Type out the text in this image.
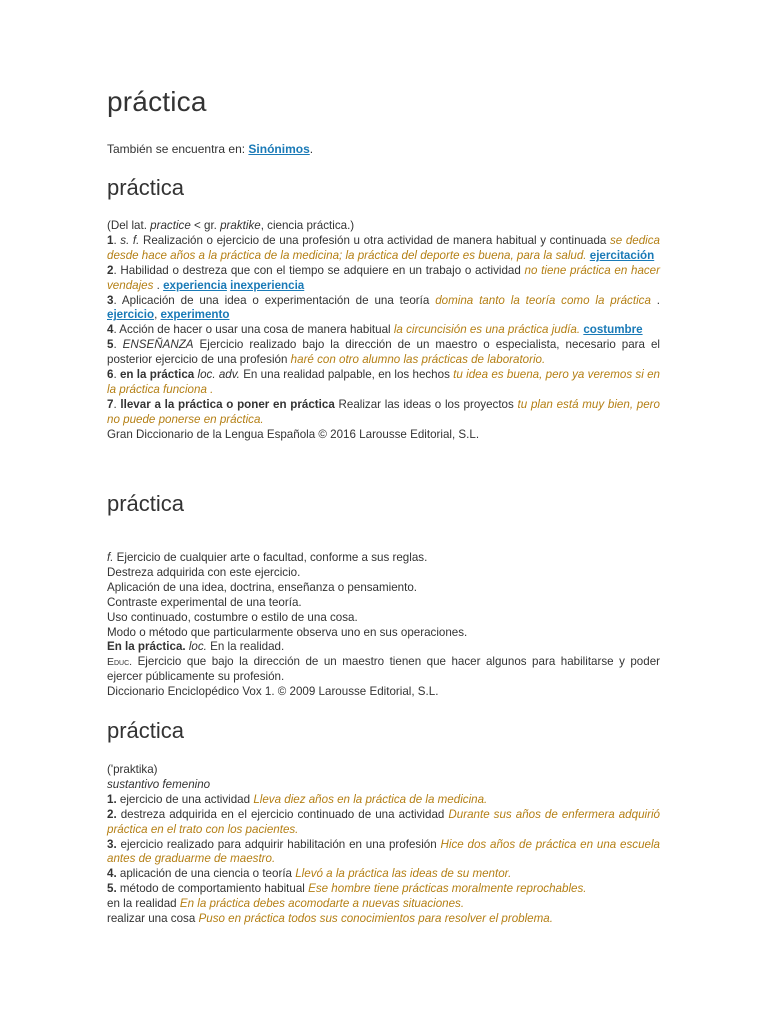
práctica
También se encuentra en: Sinónimos.
práctica

(Del lat. practice < gr. praktike, ciencia práctica.)

1. s. f. Realización o ejercicio de una profesión u otra actividad de manera habitual y continuada se dedica desde hace años a la práctica de la medicina; la práctica del deporte es buena, para la salud. ejercitación

2. Habilidad o destreza que con el tiempo se adquiere en un trabajo o actividad no tiene práctica en hacer vendajes . experiencia inexperiencia

3. Aplicación de una idea o experimentación de una teoría domina tanto la teoría como la práctica . ejercicio, experimento

4. Acción de hacer o usar una cosa de manera habitual la circuncisión es una práctica judía. costumbre

5. ENSEÑANZA Ejercicio realizado bajo la dirección de un maestro o especialista, necesario para el posterior ejercicio de una profesión haré con otro alumno las prácticas de laboratorio.

6. en la práctica loc. adv. En una realidad palpable, en los hechos tu idea es buena, pero ya veremos si en la práctica funciona .

7. llevar a la práctica o poner en práctica Realizar las ideas o los proyectos tu plan está muy bien, pero no puede ponerse en práctica.

Gran Diccionario de la Lengua Española © 2016 Larousse Editorial, S.L.

práctica

f. Ejercicio de cualquier arte o facultad, conforme a sus reglas.

Destreza adquirida con este ejercicio.

Aplicación de una idea, doctrina, enseñanza o pensamiento.

Contraste experimental de una teoría.

Uso continuado, costumbre o estilo de una cosa.

Modo o método que particularmente observa uno en sus operaciones.

En la práctica. loc. En la realidad.

Educ. Ejercicio que bajo la dirección de un maestro tienen que hacer algunos para habilitarse y poder ejercer públicamente su profesión.

Diccionario Enciclopédico Vox 1. © 2009 Larousse Editorial, S.L.

práctica

('praktika)

sustantivo femenino

1. ejercicio de una actividad Lleva diez años en la práctica de la medicina.

2. destreza adquirida en el ejercicio continuado de una actividad Durante sus años de enfermera adquirió práctica en el trato con los pacientes.

3. ejercicio realizado para adquirir habilitación en una profesión Hice dos años de práctica en una escuela antes de graduarme de maestro.

4. aplicación de una ciencia o teoría Llevó a la práctica las ideas de su mentor.

5. método de comportamiento habitual Ese hombre tiene prácticas moralmente reprochables.

en la realidad En la práctica debes acomodarte a nuevas situaciones.

realizar una cosa Puso en práctica todos sus conocimientos para resolver el problema.
